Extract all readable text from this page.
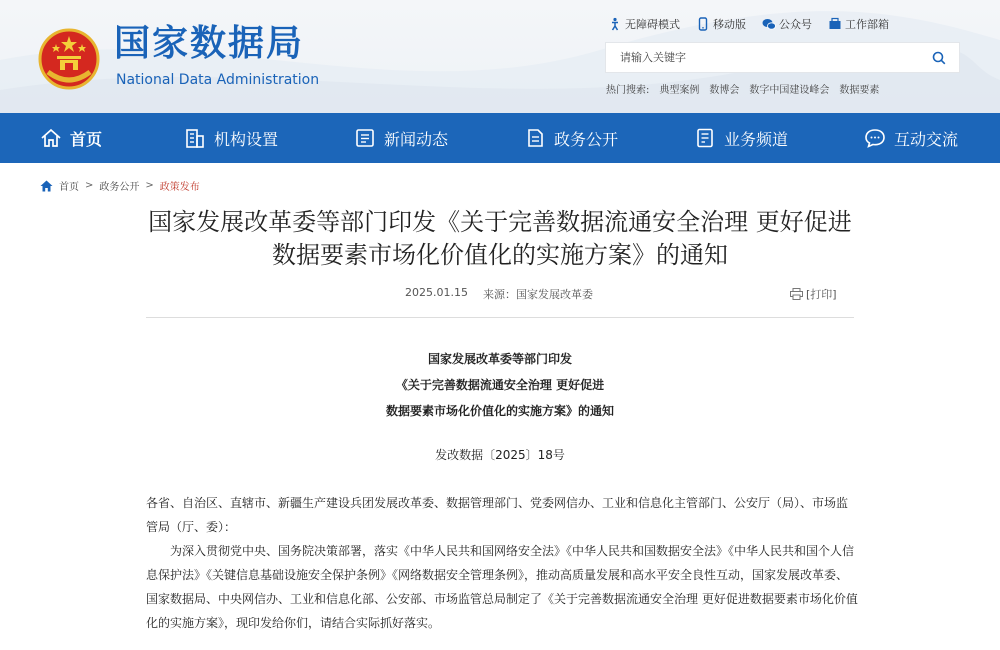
国家数据局
National Data Administration
无障碍模式	移动版	公众号	工作部箱
请输入关键字
热门搜索: 典型案例 数博会 数字中国建设峰会 数据要素
首页	机构设置	新闻动态	政务公开	业务频道	互动交流
首页 > 政务公开 > 政策发布
国家发展改革委等部门印发《关于完善数据流通安全治理 更好促进数据要素市场化价值化的实施方案》的通知
2025.01.15 来源：国家发展改革委	[打印]
国家发展改革委等部门印发
《关于完善数据流通安全治理 更好促进
数据要素市场化价值化的实施方案》的通知
发改数据〔2025〕18号

各省、自治区、直辖市、新疆生产建设兵团发展改革委、数据管理部门、党委网信办、工业和信息化主管部门、公安厅（局）、市场监管局（厅、委）：

为深入贯彻党中央、国务院决策部署，落实《中华人民共和国网络安全法》《中华人民共和国数据安全法》《中华人民共和国个人信息保护法》《关键信息基础设施安全保护条例》《网络数据安全管理条例》，推动高质量发展和高水平安全良性互动，国家发展改革委、国家数据局、中央网信办、工业和信息化部、公安部、市场监管总局制定了《关于完善数据流通安全治理 更好促进数据要素市场化价值化的实施方案》，现印发给你们，请结合实际抓好落实。
